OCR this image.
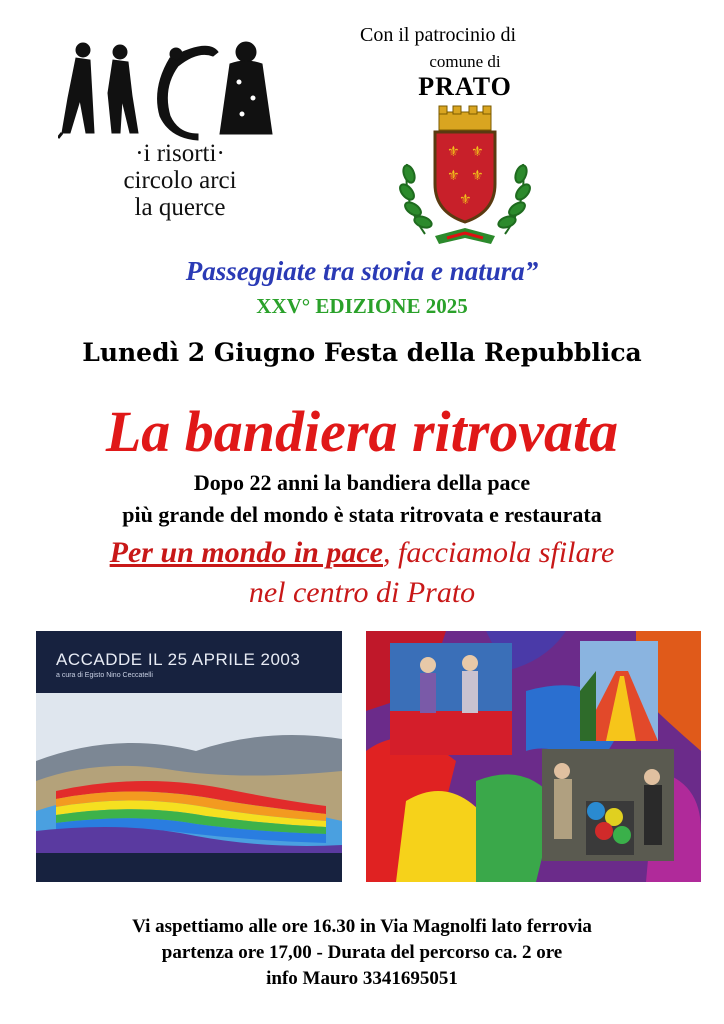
·i risorti·
circolo arci
la querce
Con il patrocinio di
comune di
PRATO
⚜ ⚜
⚜ ⚜
⚜
Passeggiate tra storia e natura”
XXV° EDIZIONE 2025
Lunedì 2 Giugno Festa della Repubblica
La bandiera ritrovata
Dopo 22 anni la bandiera della pace
più grande del mondo è stata ritrovata e restaurata
Per un mondo in pace, facciamola sfilare
nel centro di Prato
ACCADDE IL 25 APRILE 2003
a cura di Egisto Nino Ceccatelli
Vi aspettiamo alle ore 16.30 in Via Magnolfi lato ferrovia
partenza ore 17,00 - Durata del percorso ca. 2 ore
info Mauro 3341695051
